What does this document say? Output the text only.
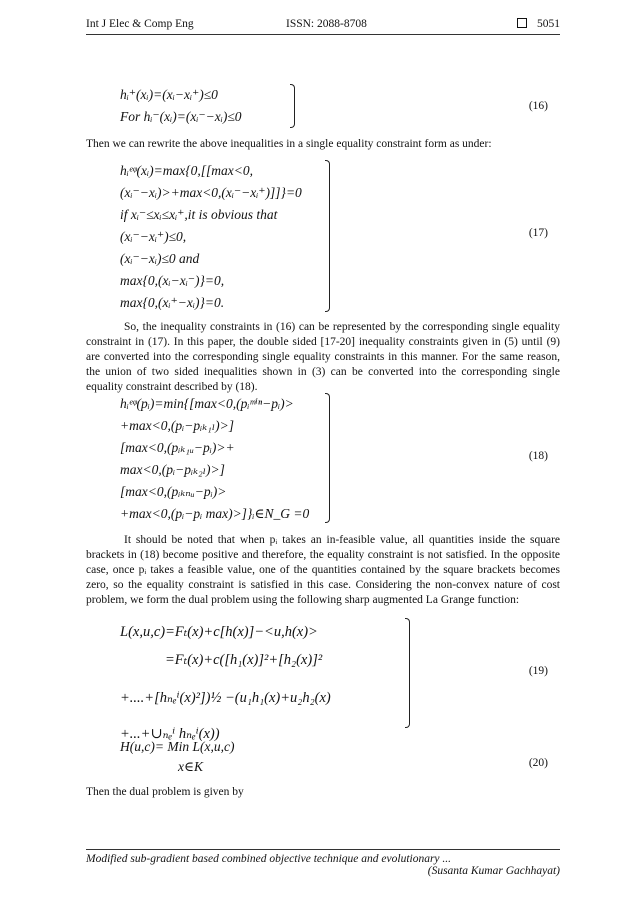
Int J Elec & Comp Eng	ISSN: 2088-8708	5051
hᵢ⁺(xᵢ)=(xᵢ−xᵢ⁺)≤0
For hᵢ⁻(xᵢ)=(xᵢ⁻−xᵢ)≤0
(16)
Then we can rewrite the above inequalities in a single equality constraint form as under:
hᵢᵉᵠ(xᵢ)=max{0,[[max<0,
(xᵢ⁻−xᵢ)>+max<0,(xᵢ⁻−xᵢ⁺)]]}=0
if xᵢ⁻≤xᵢ≤xᵢ⁺,it is obvious that
(xᵢ⁻−xᵢ⁺)≤0,
(xᵢ⁻−xᵢ)≤0 and
max{0,(xᵢ−xᵢ⁻)}=0,
max{0,(xᵢ⁺−xᵢ)}=0.
(17)
So, the inequality constraints in (16) can be represented by the corresponding single equality constraint in (17). In this paper, the double sided [17-20] inequality constraints given in (5) until (9) are converted into the corresponding single equality constraints in this manner. For the same reason, the union of two sided inequalities shown in (3) can be converted into the corresponding single equality constraint described by (18).
hᵢᵉᵠ(pᵢ)=min{[max<0,(pᵢᵐⁱⁿ−pᵢ)>
+max<0,(pᵢ−pᵢₖ₁ₗ)>]
[max<0,(pᵢₖ₁ᵤ−pᵢ)>+
max<0,(pᵢ−pᵢₖ₂ₗ)>]
[max<0,(pᵢₖₙᵤ−pᵢ)>
+max<0,(pᵢ−pᵢ max)>]}ᵢ∈N_G =0
(18)
It should be noted that when pᵢ takes an in-feasible value, all quantities inside the square brackets in (18) become positive and therefore, the equality constraint is not satisfied. In the opposite case, once pᵢ takes a feasible value, one of the quantities contained by the square brackets becomes zero, so the equality constraint is satisfied in this case. Considering the non-convex nature of cost problem, we form the dual problem using the following sharp augmented La Grange function:
L(x,u,c)=Fₜ(x)+c[h(x)]−<u,h(x)>
=Fₜ(x)+c([h₁(x)]²+[h₂(x)]²
+....+[hₙₑⁱ(x)²])½ −(u₁h₁(x)+u₂h₂(x)
+...+∪ₙₑⁱ hₙₑⁱ(x))
(19)
H(u,c)= Min L(x,u,c)
x∈K	(20)
Then the dual problem is given by
Modified sub-gradient based combined objective technique and evolutionary ...
(Susanta Kumar Gachhayat)
